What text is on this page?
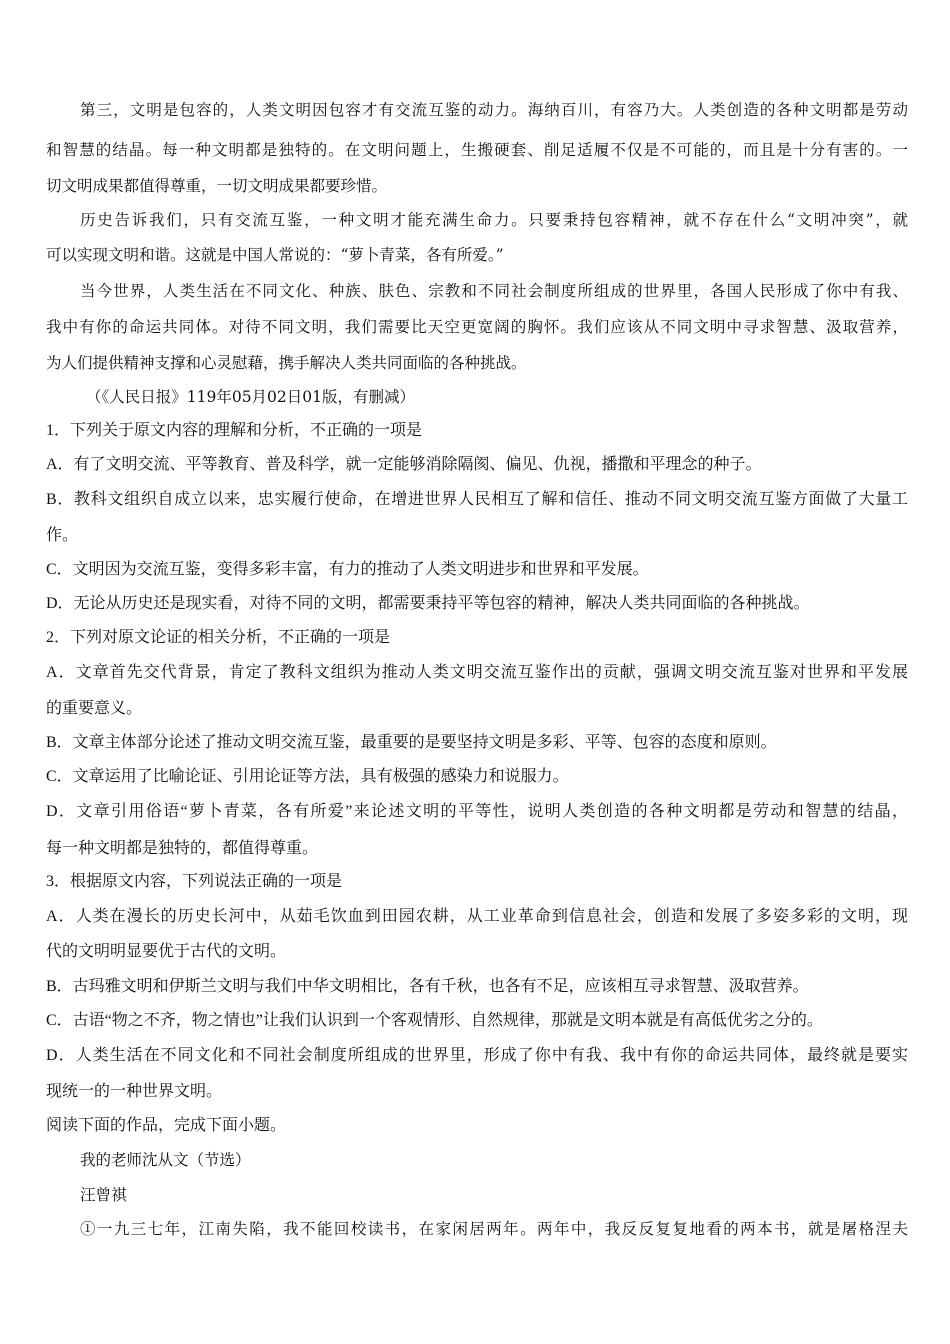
第三，文明是包容的，人类文明因包容才有交流互鉴的动力。海纳百川，有容乃大。人类创造的各种文明都是劳动
和智慧的结晶。每一种文明都是独特的。在文明问题上，生搬硬套、削足适履不仅是不可能的，而且是十分有害的。一
切文明成果都值得尊重，一切文明成果都要珍惜。
历史告诉我们，只有交流互鉴，一种文明才能充满生命力。只要秉持包容精神，就不存在什么“文明冲突”，就
可以实现文明和谐。这就是中国人常说的：“萝卜青菜，各有所爱。”
当今世界，人类生活在不同文化、种族、肤色、宗教和不同社会制度所组成的世界里，各国人民形成了你中有我、
我中有你的命运共同体。对待不同文明，我们需要比天空更宽阔的胸怀。我们应该从不同文明中寻求智慧、汲取营养，
为人们提供精神支撑和心灵慰藉，携手解决人类共同面临的各种挑战。
（《人民日报》119年05月02日01版，有删减）
1．下列关于原文内容的理解和分析，不正确的一项是
A．有了文明交流、平等教育、普及科学，就一定能够消除隔阂、偏见、仇视，播撒和平理念的种子。
B．教科文组织自成立以来，忠实履行使命，在增进世界人民相互了解和信任、推动不同文明交流互鉴方面做了大量工
作。
C．文明因为交流互鉴，变得多彩丰富，有力的推动了人类文明进步和世界和平发展。
D．无论从历史还是现实看，对待不同的文明，都需要秉持平等包容的精神，解决人类共同面临的各种挑战。
2．下列对原文论证的相关分析，不正确的一项是
A．文章首先交代背景，肯定了教科文组织为推动人类文明交流互鉴作出的贡献，强调文明交流互鉴对世界和平发展
的重要意义。
B．文章主体部分论述了推动文明交流互鉴，最重要的是要坚持文明是多彩、平等、包容的态度和原则。
C．文章运用了比喻论证、引用论证等方法，具有极强的感染力和说服力。
D．文章引用俗语“萝卜青菜，各有所爱”来论述文明的平等性，说明人类创造的各种文明都是劳动和智慧的结晶，
每一种文明都是独特的，都值得尊重。
3．根据原文内容，下列说法正确的一项是
A．人类在漫长的历史长河中，从茹毛饮血到田园农耕，从工业革命到信息社会，创造和发展了多姿多彩的文明，现
代的文明明显要优于古代的文明。
B．古玛雅文明和伊斯兰文明与我们中华文明相比，各有千秋，也各有不足，应该相互寻求智慧、汲取营养。
C．古语“物之不齐，物之情也”让我们认识到一个客观情形、自然规律，那就是文明本就是有高低优劣之分的。
D．人类生活在不同文化和不同社会制度所组成的世界里，形成了你中有我、我中有你的命运共同体，最终就是要实
现统一的一种世界文明。
阅读下面的作品，完成下面小题。
我的老师沈从文（节选）
汪曾祺
①一九三七年，江南失陷，我不能回校读书，在家闲居两年。两年中，我反反复复地看的两本书，就是屠格涅夫
